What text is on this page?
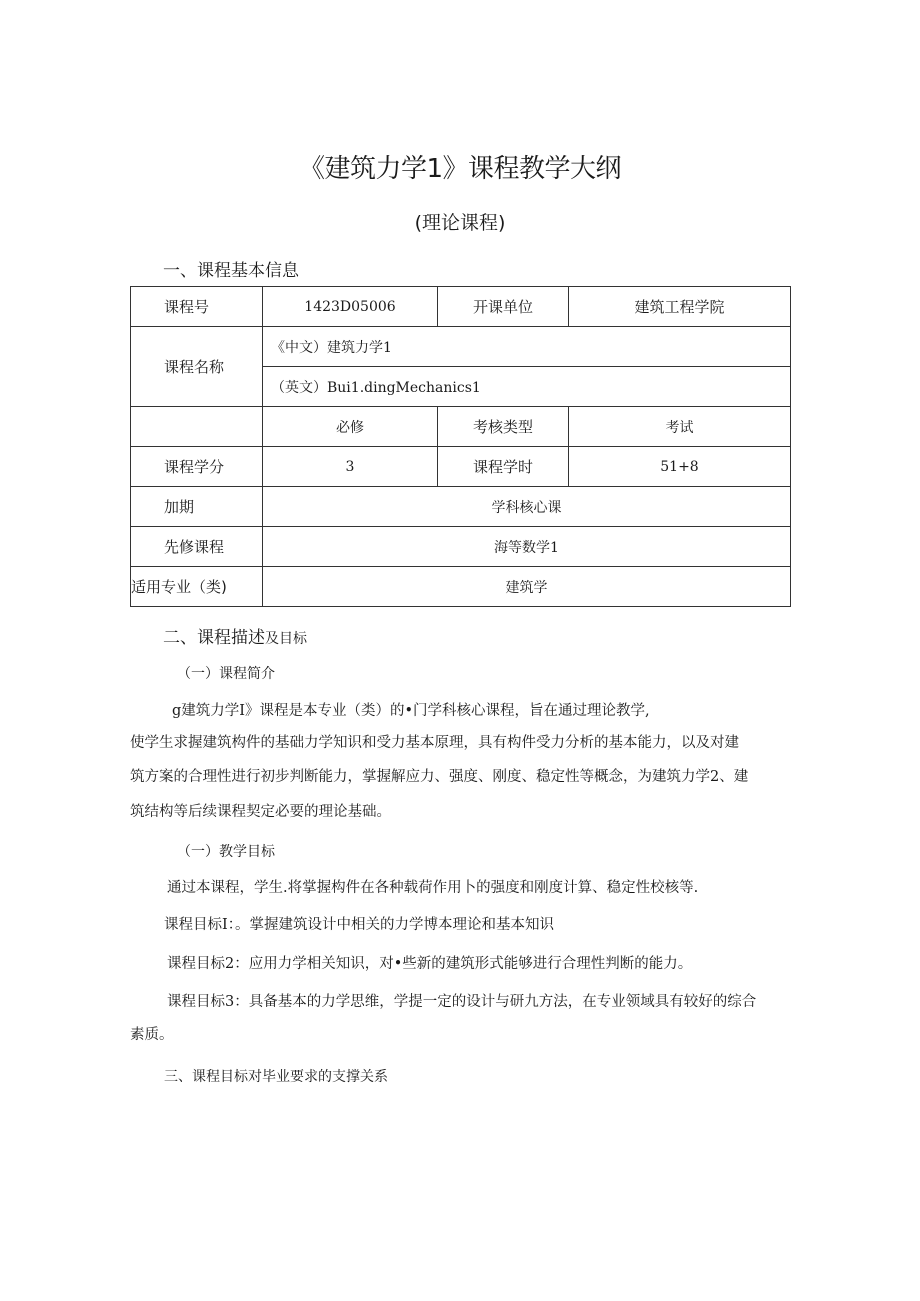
《建筑力学1》课程教学大纲
(理论课程)
一、课程基本信息
课程号	1423D05006	开课单位	建筑工程学院
课程名称	《中文）建筑力学1		
	（英文）Bui1.dingMechanics1		
	必修	考核类型	考试
课程学分	3	课程学时	51+8
加期	学科核心课		
先修课程	海等数学1		
适用专业（类)	建筑学		
二、课程描述及目标
（一）课程简介
g建筑力学I》课程是本专业（类）的•门学科核心课程，旨在通过理论教学,
使学生求握建筑构件的基础力学知识和受力基本原理，具有构件受力分析的基本能力，以及对建
筑方案的合理性进行初步判断能力，掌握解应力、强度、刚度、稳定性等概念，为建筑力学2、建
筑结构等后续课程契定必要的理论基础。
（一）教学目标
通过本课程，学生.将掌握构件在各种载荷作用卜的强度和刚度计算、稳定性校核等.
课程目标I：。掌握建筑设计中相关的力学博本理论和基本知识
课程目标2：应用力学相关知识，对•些新的建筑形式能够进行合理性判断的能力。
课程目标3：具备基本的力学思维，学提一定的设计与研九方法，在专业领域具有较好的综合
素质。
三、课程目标对毕业要求的支撑关系
